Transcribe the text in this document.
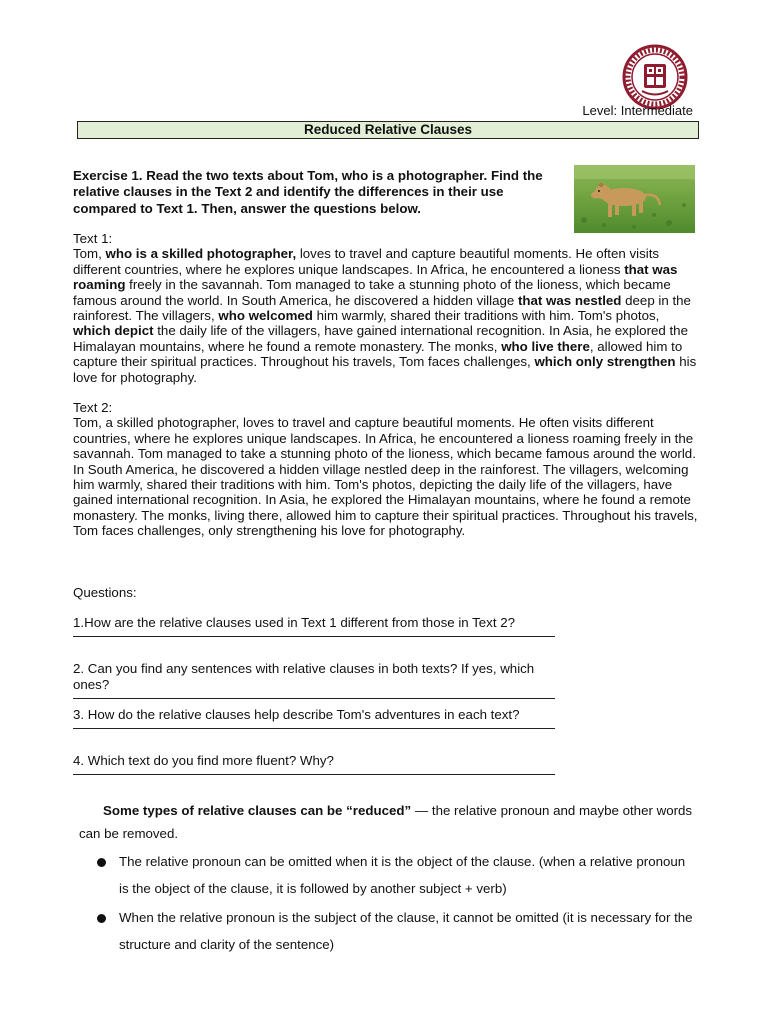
Level: Intermediate
Reduced Relative Clauses

Exercise 1. Read the two texts about Tom, who is a photographer. Find the relative clauses in the Text 2 and identify the differences in their use compared to Text 1. Then, answer the questions below.

Text 1:

Tom, who is a skilled photographer, loves to travel and capture beautiful moments. He often visits different countries, where he explores unique landscapes. In Africa, he encountered a lioness that was roaming freely in the savannah. Tom managed to take a stunning photo of the lioness, which became famous around the world. In South America, he discovered a hidden village that was nestled deep in the rainforest. The villagers, who welcomed him warmly, shared their traditions with him. Tom's photos, which depict the daily life of the villagers, have gained international recognition. In Asia, he explored the Himalayan mountains, where he found a remote monastery. The monks, who live there, allowed him to capture their spiritual practices. Throughout his travels, Tom faces challenges, which only strengthen his love for photography.

Text 2:

Tom, a skilled photographer, loves to travel and capture beautiful moments. He often visits different countries, where he explores unique landscapes. In Africa, he encountered a lioness roaming freely in the savannah. Tom managed to take a stunning photo of the lioness, which became famous around the world. In South America, he discovered a hidden village nestled deep in the rainforest. The villagers, welcoming him warmly, shared their traditions with him. Tom's photos, depicting the daily life of the villagers, have gained international recognition. In Asia, he explored the Himalayan mountains, where he found a remote monastery. The monks, living there, allowed him to capture their spiritual practices. Throughout his travels, Tom faces challenges, only strengthening his love for photography.

Questions:

1.How are the relative clauses used in Text 1 different from those in Text 2?
2. Can you find any sentences with relative clauses in both texts? If yes, which ones?
3. How do the relative clauses help describe Tom's adventures in each text?
4. Which text do you find more fluent? Why?

Some types of relative clauses can be “reduced” — the relative pronoun and maybe other words can be removed.

The relative pronoun can be omitted when it is the object of the clause. (when a relative pronoun is the object of the clause, it is followed by another subject + verb)
When the relative pronoun is the subject of the clause, it cannot be omitted (it is necessary for the structure and clarity of the sentence)
